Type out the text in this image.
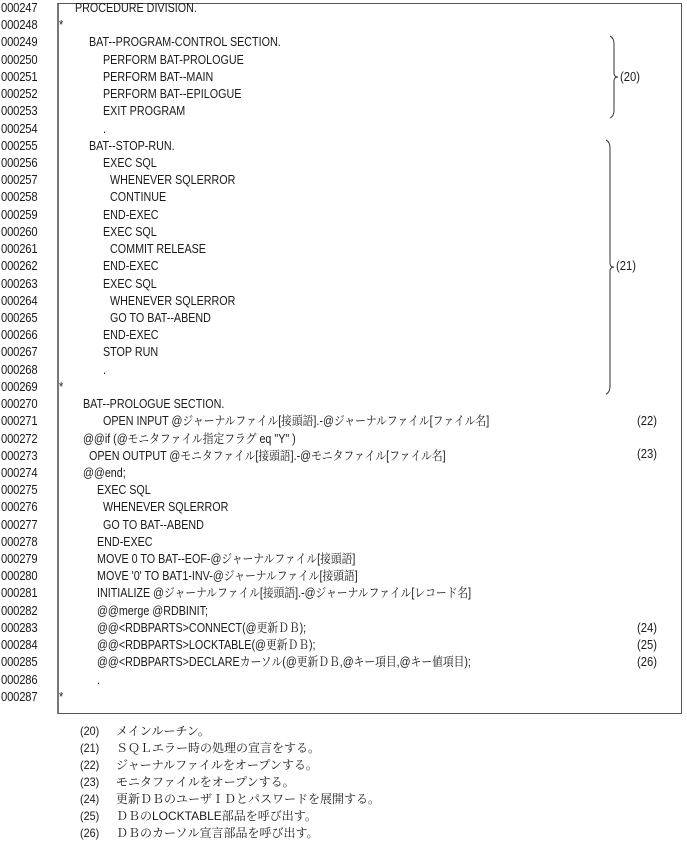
000247	PROCEDURE DIVISION.
000248	*
000249	BAT--PROGRAM-CONTROL SECTION.
000250	PERFORM BAT-PROLOGUE
000251	PERFORM BAT--MAIN
000252	PERFORM BAT--EPILOGUE
000253	EXIT PROGRAM
000254	.
000255	BAT--STOP-RUN.
000256	EXEC SQL
000257	WHENEVER SQLERROR
000258	CONTINUE
000259	END-EXEC
000260	EXEC SQL
000261	COMMIT RELEASE
000262	END-EXEC
000263	EXEC SQL
000264	WHENEVER SQLERROR
000265	GO TO BAT--ABEND
000266	END-EXEC
000267	STOP RUN
000268	.
000269	*
000270	BAT--PROLOGUE SECTION.
000271	OPEN INPUT @ジャーナルファイル[接頭語].-@ジャーナルファイル[ファイル名]	(22)
000272	@@if (@モニタファイル指定フラグ eq "Y" )
000273	OPEN OUTPUT @モニタファイル[接頭語].-@モニタファイル[ファイル名]	(23)
000274	@@end;
000275	EXEC SQL
000276	WHENEVER SQLERROR
000277	GO TO BAT--ABEND
000278	END-EXEC
000279	MOVE 0 TO BAT--EOF-@ジャーナルファイル[接頭語]
000280	MOVE '0' TO BAT1-INV-@ジャーナルファイル[接頭語]
000281	INITIALIZE @ジャーナルファイル[接頭語].-@ジャーナルファイル[レコード名]
000282	@@merge @RDBINIT;
000283	@@<RDBPARTS>CONNECT(@更新ＤＢ);	(24)
000284	@@<RDBPARTS>LOCKTABLE(@更新ＤＢ);	(25)
000285	@@<RDBPARTS>DECLAREカーソル(@更新ＤＢ,@キー項目,@キー値項目);	(26)
000286	.
000287	*
(20)
(21)
(20) メインルーチン。
(21) ＳＱＬエラー時の処理の宣言をする。
(22) ジャーナルファイルをオープンする。
(23) モニタファイルをオープンする。
(24) 更新ＤＢのユーザＩＤとパスワードを展開する。
(25) ＤＢのLOCKTABLE部品を呼び出す。
(26) ＤＢのカーソル宣言部品を呼び出す。
